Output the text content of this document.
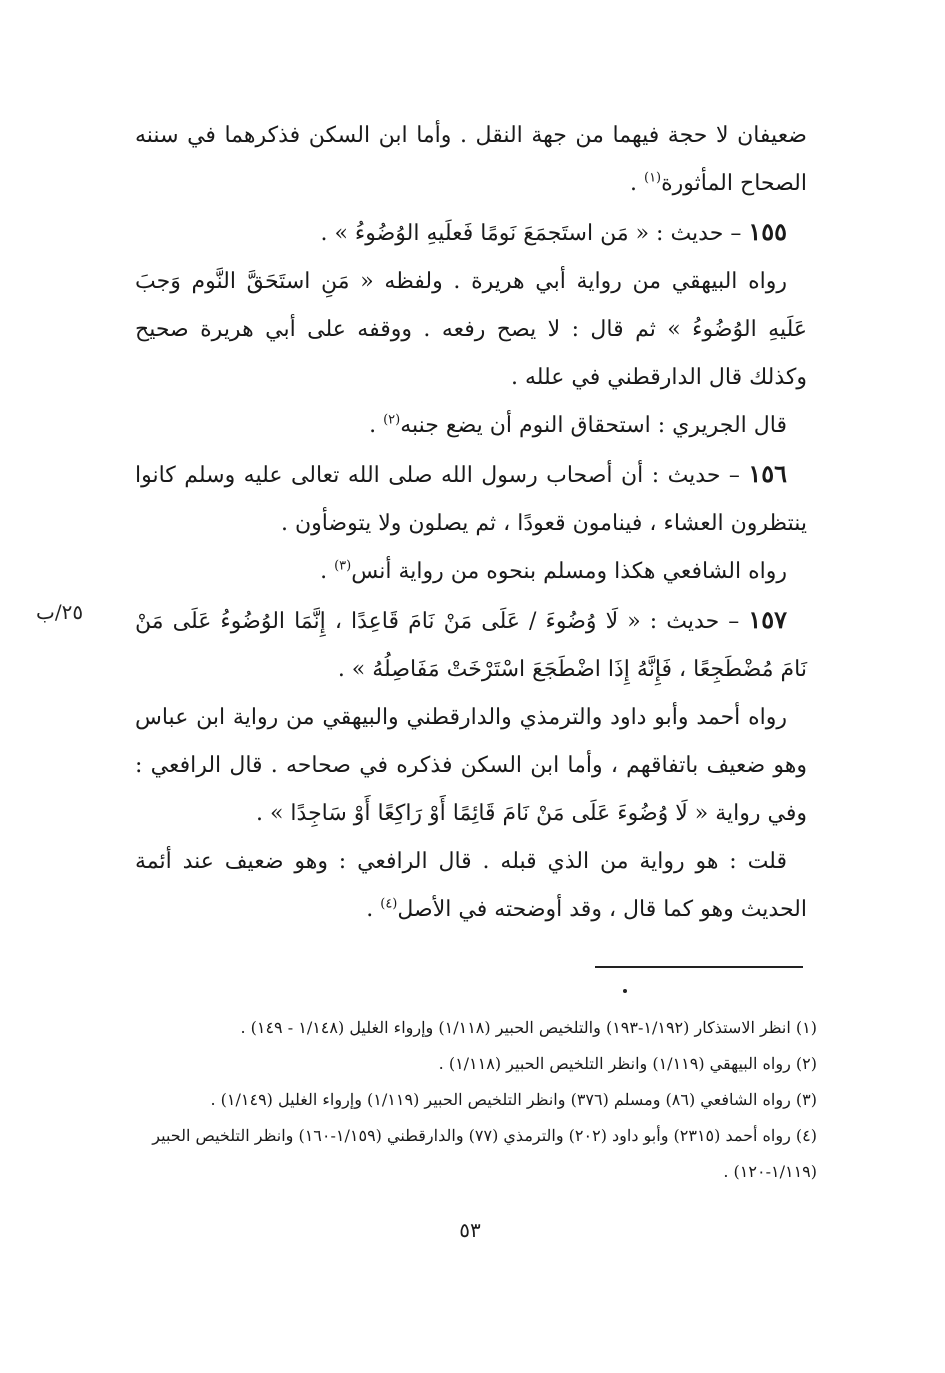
ضعيفان لا حجة فيهما من جهة النقل . وأما ابن السكن فذكرهما في سننه الصحاح المأثورة$^{(١)}$ .

١٥٥ – حديث : « مَن استَجمَعَ نَومًا فَعلَيهِ الوُضُوءُ » .

رواه البيهقي من رواية أبي هريرة . ولفظه « مَنِ استَحَقَّ النَّوم وَجبَ عَلَيهِ الوُضُوءُ » ثم قال : لا يصح رفعه . ووقفه على أبي هريرة صحيح وكذلك قال الدارقطني في علله .

قال الجريري : استحقاق النوم أن يضع جنبه$^{(٢)}$ .

١٥٦ – حديث : أن أصحاب رسول الله صلى الله تعالى عليه وسلم كانوا ينتظرون العشاء ، فينامون قعودًا ، ثم يصلون ولا يتوضأون .

رواه الشافعي هكذا ومسلم بنحوه من رواية أنس$^{(٣)}$ .

١٥٧ – حديث : « لَا وُضُوءَ / عَلَى مَنْ نَامَ قَاعِدًا ، إِنَّمَا الوُضُوءُ عَلَى مَنْ نَامَ مُضْطَجِعًا ، فَإِنَّهُ إِذَا اضْطَجَعَ اسْتَرْخَتْ مَفَاصِلُهُ » .

رواه أحمد وأبو داود والترمذي والدارقطني والبيهقي من رواية ابن عباس وهو ضعيف باتفاقهم ، وأما ابن السكن فذكره في صحاحه . قال الرافعي : وفي رواية « لَا وُضُوءَ عَلَى مَنْ نَامَ قَائِمًا أَوْ رَاكِعًا أَوْ سَاجِدًا » .

قلت : هو رواية من الذي قبله . قال الرافعي : وهو ضعيف عند أئمة الحديث وهو كما قال ، وقد أوضحته في الأصل$^{(٤)}$ .

٢٥/ب

(١) انظر الاستذكار (١/١٩٢-١٩٣) والتلخيص الحبير (١/١١٨) وإرواء الغليل (١/١٤٨ - ١٤٩) .

(٢) رواه البيهقي (١/١١٩) وانظر التلخيص الحبير (١/١١٨) .

(٣) رواه الشافعي (٨٦) ومسلم (٣٧٦) وانظر التلخيص الحبير (١/١١٩) وإرواء الغليل (١/١٤٩) .

(٤) رواه أحمد (٢٣١٥) وأبو داود (٢٠٢) والترمذي (٧٧) والدارقطني (١/١٥٩-١٦٠) وانظر التلخيص الحبير (١/١١٩-١٢٠) .

٥٣
